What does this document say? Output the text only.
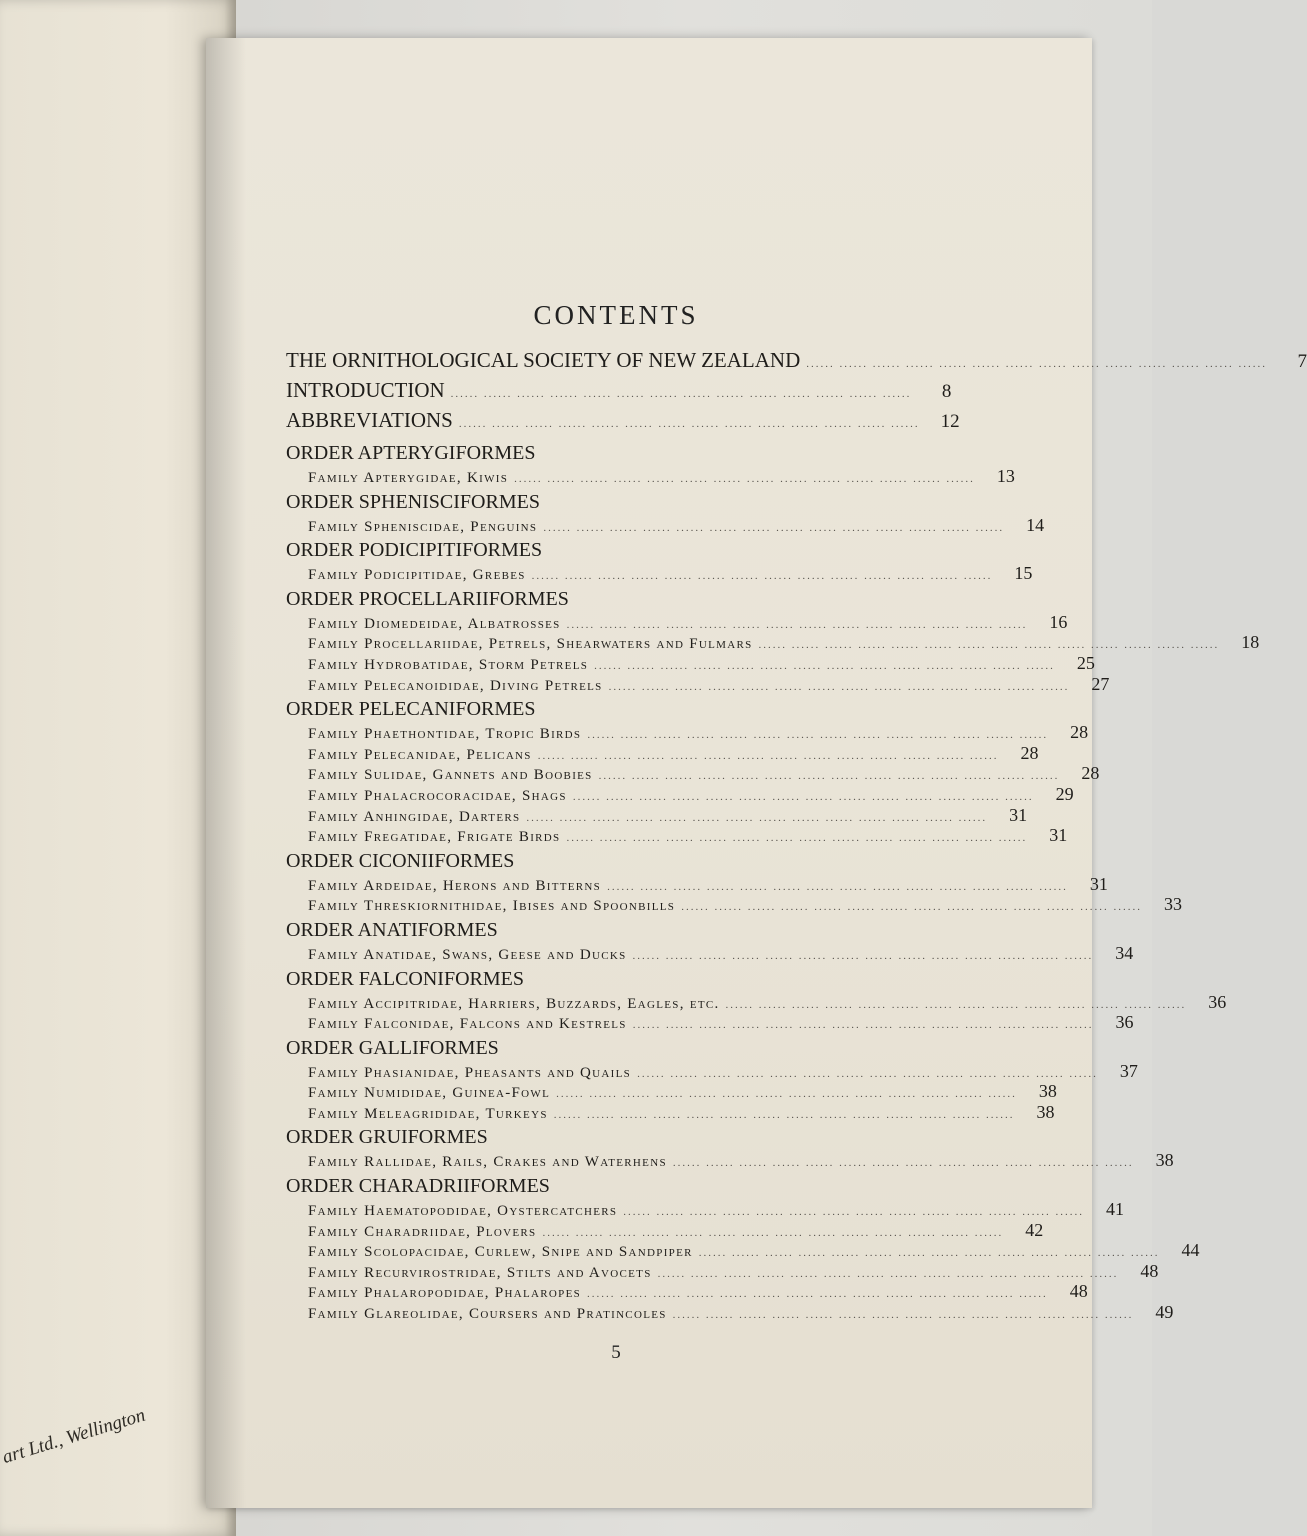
art Ltd., Wellington
CONTENTS
THE ORNITHOLOGICAL SOCIETY OF NEW ZEALAND ...... ...... ...... ...... ...... ...... ...... ...... ...... ...... ...... ...... ...... ......	7
INTRODUCTION ...... ...... ...... ...... ...... ...... ...... ...... ...... ...... ...... ...... ...... ......	8
ABBREVIATIONS ...... ...... ...... ...... ...... ...... ...... ...... ...... ...... ...... ...... ...... ......	12
ORDER APTERYGIFORMES
Family Apterygidae, Kiwis ...... ...... ...... ...... ...... ...... ...... ...... ...... ...... ...... ...... ...... ......	13
ORDER SPHENISCIFORMES
Family Spheniscidae, Penguins ...... ...... ...... ...... ...... ...... ...... ...... ...... ...... ...... ...... ...... ......	14
ORDER PODICIPITIFORMES
Family Podicipitidae, Grebes ...... ...... ...... ...... ...... ...... ...... ...... ...... ...... ...... ...... ...... ......	15
ORDER PROCELLARIIFORMES
Family Diomedeidae, Albatrosses ...... ...... ...... ...... ...... ...... ...... ...... ...... ...... ...... ...... ...... ......	16
Family Procellariidae, Petrels, Shearwaters and Fulmars ...... ...... ...... ...... ...... ...... ...... ...... ...... ...... ...... ...... ...... ......	18
Family Hydrobatidae, Storm Petrels ...... ...... ...... ...... ...... ...... ...... ...... ...... ...... ...... ...... ...... ......	25
Family Pelecanoididae, Diving Petrels ...... ...... ...... ...... ...... ...... ...... ...... ...... ...... ...... ...... ...... ......	27
ORDER PELECANIFORMES
Family Phaethontidae, Tropic Birds ...... ...... ...... ...... ...... ...... ...... ...... ...... ...... ...... ...... ...... ......	28
Family Pelecanidae, Pelicans ...... ...... ...... ...... ...... ...... ...... ...... ...... ...... ...... ...... ...... ......	28
Family Sulidae, Gannets and Boobies ...... ...... ...... ...... ...... ...... ...... ...... ...... ...... ...... ...... ...... ......	28
Family Phalacrocoracidae, Shags ...... ...... ...... ...... ...... ...... ...... ...... ...... ...... ...... ...... ...... ......	29
Family Anhingidae, Darters ...... ...... ...... ...... ...... ...... ...... ...... ...... ...... ...... ...... ...... ......	31
Family Fregatidae, Frigate Birds ...... ...... ...... ...... ...... ...... ...... ...... ...... ...... ...... ...... ...... ......	31
ORDER CICONIIFORMES
Family Ardeidae, Herons and Bitterns ...... ...... ...... ...... ...... ...... ...... ...... ...... ...... ...... ...... ...... ......	31
Family Threskiornithidae, Ibises and Spoonbills ...... ...... ...... ...... ...... ...... ...... ...... ...... ...... ...... ...... ...... ......	33
ORDER ANATIFORMES
Family Anatidae, Swans, Geese and Ducks ...... ...... ...... ...... ...... ...... ...... ...... ...... ...... ...... ...... ...... ......	34
ORDER FALCONIFORMES
Family Accipitridae, Harriers, Buzzards, Eagles, etc. ...... ...... ...... ...... ...... ...... ...... ...... ...... ...... ...... ...... ...... ......	36
Family Falconidae, Falcons and Kestrels ...... ...... ...... ...... ...... ...... ...... ...... ...... ...... ...... ...... ...... ......	36
ORDER GALLIFORMES
Family Phasianidae, Pheasants and Quails ...... ...... ...... ...... ...... ...... ...... ...... ...... ...... ...... ...... ...... ......	37
Family Numididae, Guinea-Fowl ...... ...... ...... ...... ...... ...... ...... ...... ...... ...... ...... ...... ...... ......	38
Family Meleagrididae, Turkeys ...... ...... ...... ...... ...... ...... ...... ...... ...... ...... ...... ...... ...... ......	38
ORDER GRUIFORMES
Family Rallidae, Rails, Crakes and Waterhens ...... ...... ...... ...... ...... ...... ...... ...... ...... ...... ...... ...... ...... ......	38
ORDER CHARADRIIFORMES
Family Haematopodidae, Oystercatchers ...... ...... ...... ...... ...... ...... ...... ...... ...... ...... ...... ...... ...... ......	41
Family Charadriidae, Plovers ...... ...... ...... ...... ...... ...... ...... ...... ...... ...... ...... ...... ...... ......	42
Family Scolopacidae, Curlew, Snipe and Sandpiper ...... ...... ...... ...... ...... ...... ...... ...... ...... ...... ...... ...... ...... ......	44
Family Recurvirostridae, Stilts and Avocets ...... ...... ...... ...... ...... ...... ...... ...... ...... ...... ...... ...... ...... ......	48
Family Phalaropodidae, Phalaropes ...... ...... ...... ...... ...... ...... ...... ...... ...... ...... ...... ...... ...... ......	48
Family Glareolidae, Coursers and Pratincoles ...... ...... ...... ...... ...... ...... ...... ...... ...... ...... ...... ...... ...... ......	49
5
